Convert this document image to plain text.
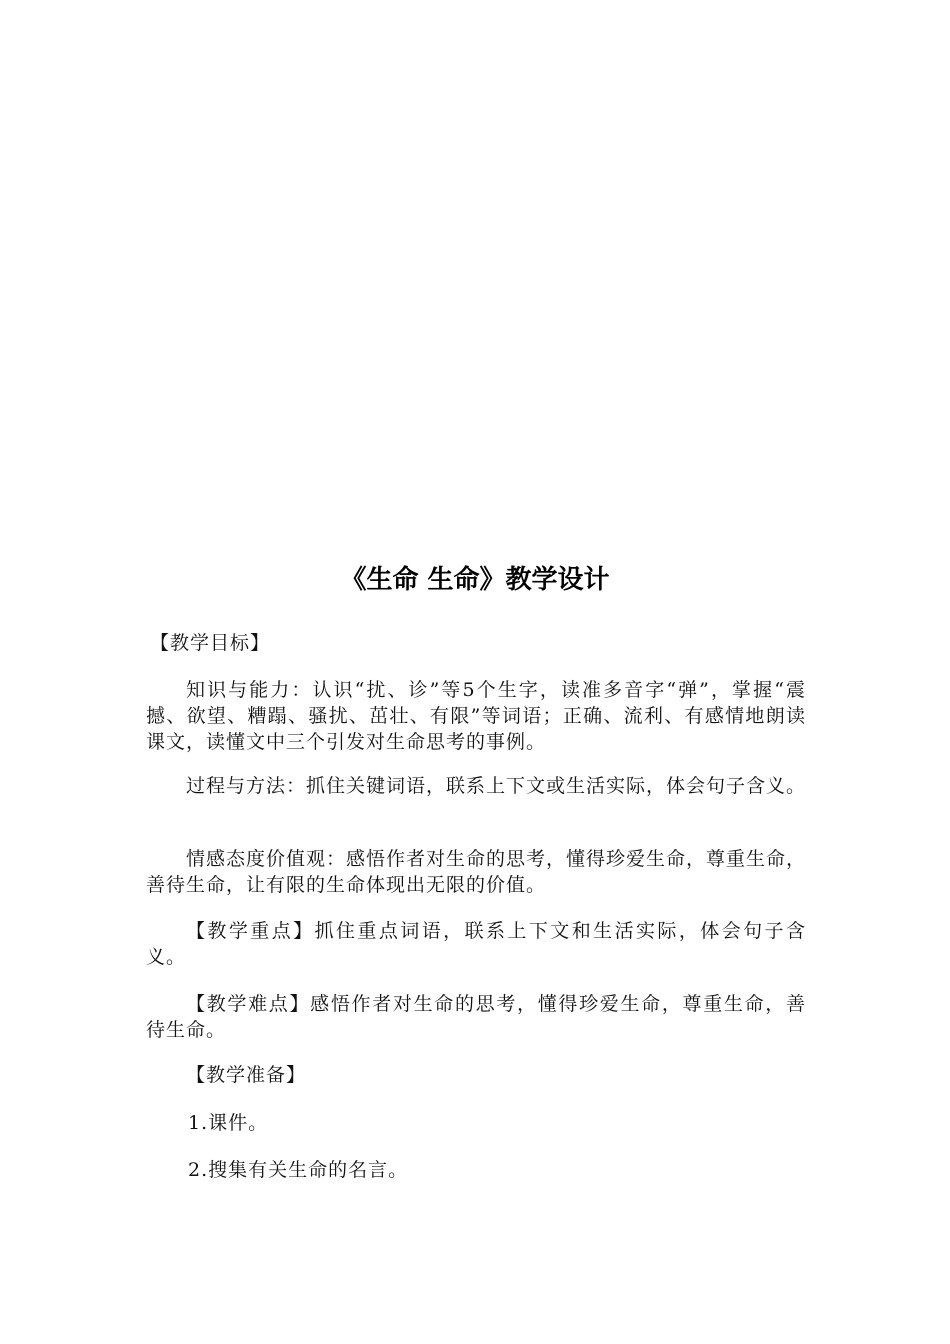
《生命 生命》教学设计

【教学目标】

知识与能力：认识“扰、诊”等5个生字，读准多音字“弹”，掌握“震撼、欲望、糟蹋、骚扰、茁壮、有限”等词语；正确、流利、有感情地朗读课文，读懂文中三个引发对生命思考的事例。

过程与方法：抓住关键词语，联系上下文或生活实际，体会句子含义。

情感态度价值观：感悟作者对生命的思考，懂得珍爱生命，尊重生命，善待生命，让有限的生命体现出无限的价值。

【教学重点】抓住重点词语，联系上下文和生活实际，体会句子含义。

【教学难点】感悟作者对生命的思考，懂得珍爱生命，尊重生命，善待生命。

【教学准备】

1.课件。

2.搜集有关生命的名言。
